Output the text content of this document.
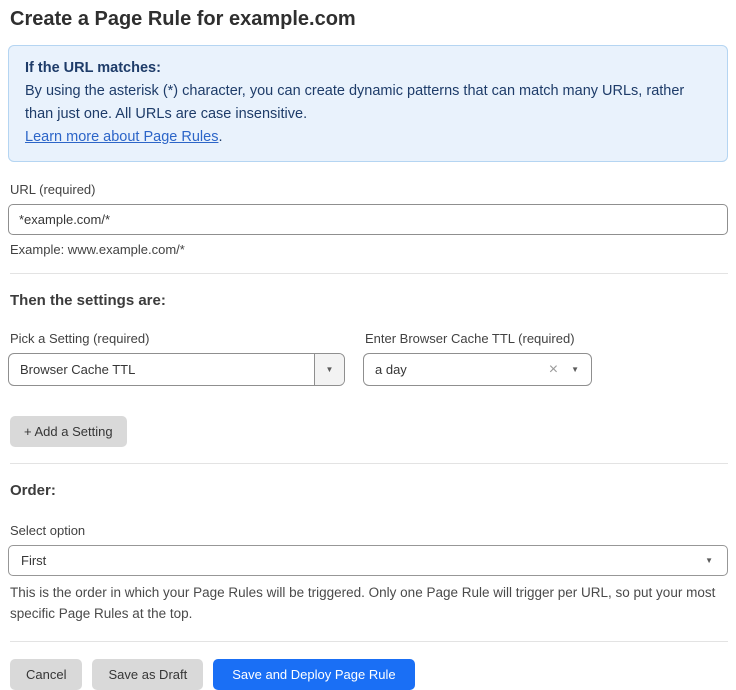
Create a Page Rule for example.com
If the URL matches:
By using the asterisk (*) character, you can create dynamic patterns that can match many URLs, rather than just one. All URLs are case insensitive.
Learn more about Page Rules.
URL (required)
*example.com/*
Example: www.example.com/*
Then the settings are:
Pick a Setting (required)
Browser Cache TTL	▼
Enter Browser Cache TTL (required)
a day	× ▼
+ Add a Setting
Order:
Select option
First	▼
This is the order in which your Page Rules will be triggered. Only one Page Rule will trigger per URL, so put your most specific Page Rules at the top.
Cancel	Save as Draft	Save and Deploy Page Rule
